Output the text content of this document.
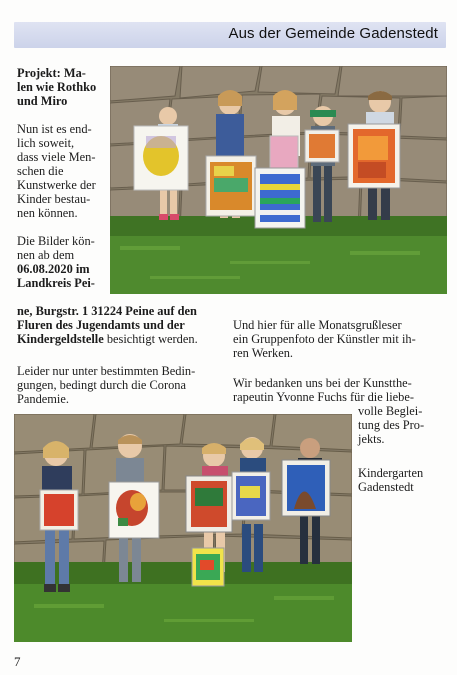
Aus der Gemeinde Gadenstedt

Projekt: Ma-
len wie Rothko
und Miro

Nun ist es end-
lich soweit,
dass viele Men-
schen die
Kunstwerke der
Kinder bestau-
nen können.

Die Bilder kön-
nen ab dem
06.08.2020 im
Landkreis Pei-

ne, Burgstr. 1 31224 Peine auf den
Fluren des Jugendamts und der
Kindergeldstelle besichtigt werden.

Leider nur unter bestimmten Bedin-
gungen, bedingt durch die Corona
Pandemie.

Und hier für alle Monatsgrußleser
ein Gruppenfoto der Künstler mit ih-
ren Werken.

Wir bedanken uns bei der Kunstthe-
rapeutin Yvonne Fuchs für die liebe-

volle Beglei-
tung des Pro-
jekts.

Kindergarten
Gadenstedt

7
